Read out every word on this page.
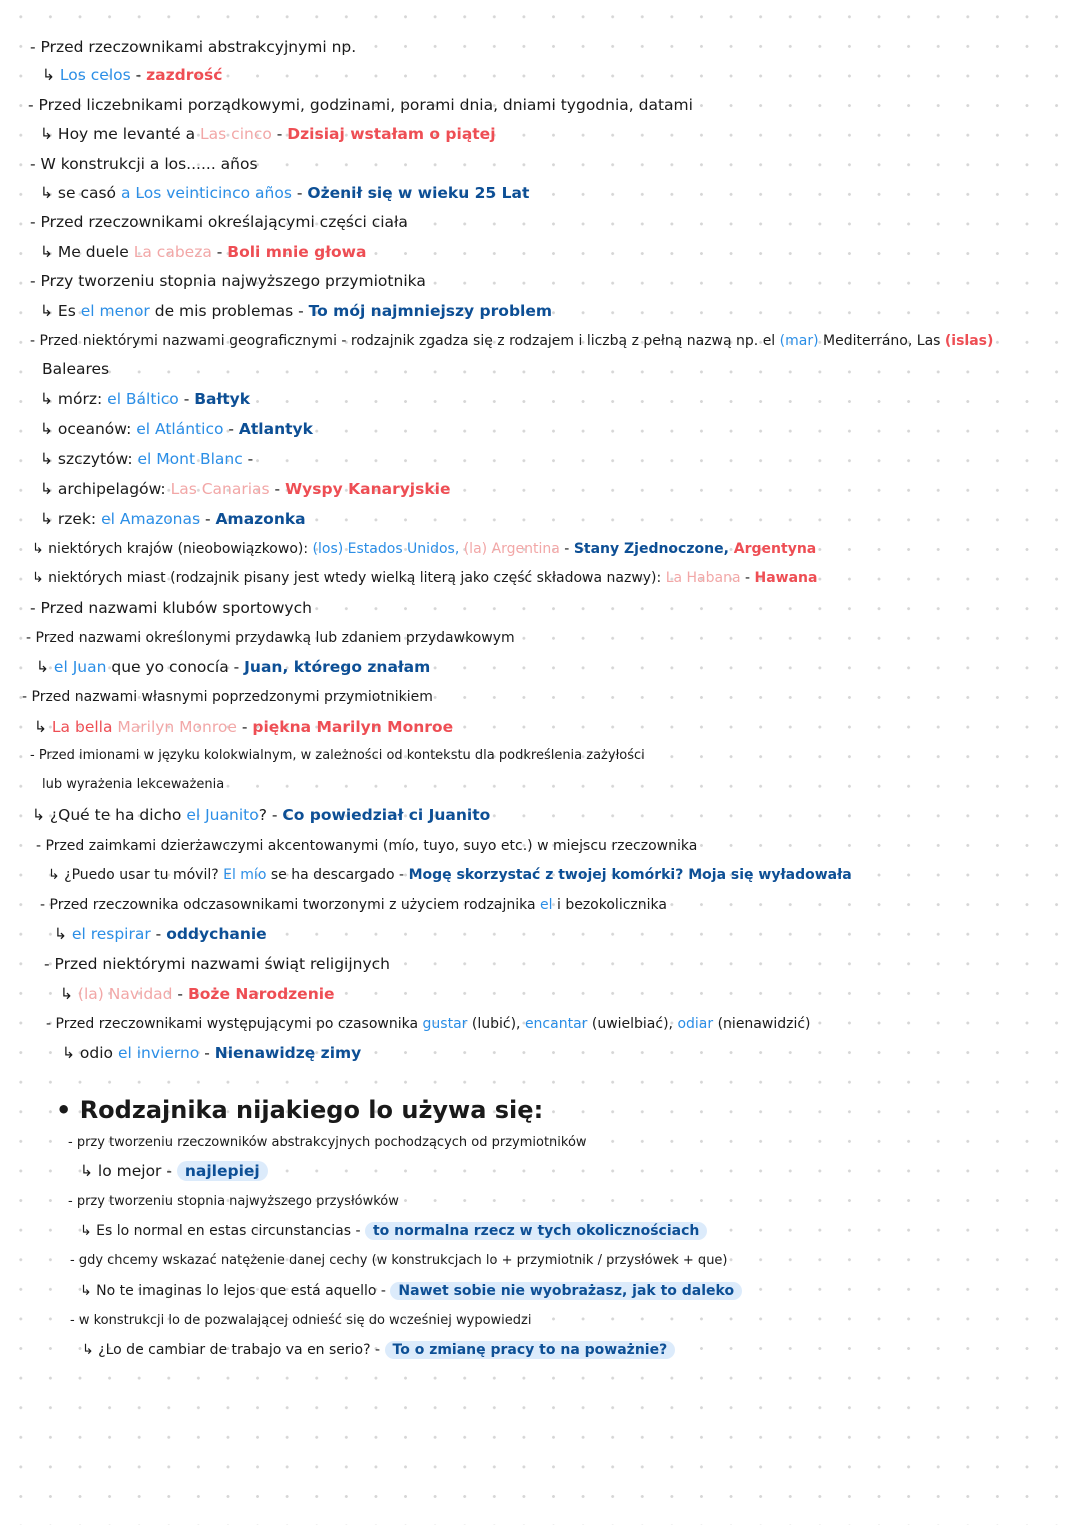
- Przed rzeczownikami abstrakcyjnymi np.
↳ Los celos - zazdrość
- Przed liczebnikami porządkowymi, godzinami, porami dnia, dniami tygodnia, datami
↳ Hoy me levanté a Las cinco - Dzisiaj wstałam o piątej
- W konstrukcji a los...... años
↳ se casó a Los veinticinco años - Ożenił się w wieku 25 Lat
- Przed rzeczownikami określającymi części ciała
↳ Me duele La cabeza - Boli mnie głowa
- Przy tworzeniu stopnia najwyższego przymiotnika
↳ Es el menor de mis problemas - To mój najmniejszy problem
- Przed niektórymi nazwami geograficznymi - rodzajnik zgadza się z rodzajem i liczbą z pełną nazwą np. el (mar) Mediterráno, Las (islas)
Baleares
↳ mórz: el Báltico - Bałtyk
↳ oceanów: el Atlántico - Atlantyk
↳ szczytów: el Mont Blanc -
↳ archipelagów: Las Canarias - Wyspy Kanaryjskie
↳ rzek: el Amazonas - Amazonka
↳ niektórych krajów (nieobowiązkowo): (los) Estados Unidos, (la) Argentina - Stany Zjednoczone, Argentyna
↳ niektórych miast (rodzajnik pisany jest wtedy wielką literą jako część składowa nazwy): La Habana - Hawana
- Przed nazwami klubów sportowych
- Przed nazwami określonymi przydawką lub zdaniem przydawkowym
↳ el Juan que yo conocía - Juan, którego znałam
- Przed nazwami własnymi poprzedzonymi przymiotnikiem
↳ La bella Marilyn Monroe - piękna Marilyn Monroe
- Przed imionami w języku kolokwialnym, w zależności od kontekstu dla podkreślenia zażyłości
lub wyrażenia lekceważenia
↳ ¿Qué te ha dicho el Juanito? - Co powiedział ci Juanito
- Przed zaimkami dzierżawczymi akcentowanymi (mío, tuyo, suyo etc.) w miejscu rzeczownika
↳ ¿Puedo usar tu móvil? El mío se ha descargado - Mogę skorzystać z twojej komórki? Moja się wyładowała
- Przed rzeczownika odczasownikami tworzonymi z użyciem rodzajnika el i bezokolicznika
↳ el respirar - oddychanie
- Przed niektórymi nazwami świąt religijnych
↳ (la) Navidad - Boże Narodzenie
- Przed rzeczownikami występującymi po czasownika gustar (lubić), encantar (uwielbiać), odiar (nienawidzić)
↳ odio el invierno - Nienawidzę zimy
• Rodzajnika nijakiego lo używa się:
- przy tworzeniu rzeczowników abstrakcyjnych pochodzących od przymiotników
↳ lo mejor - najlepiej
- przy tworzeniu stopnia najwyższego przysłówków
↳ Es lo normal en estas circunstancias - to normalna rzecz w tych okolicznościach
- gdy chcemy wskazać natężenie danej cechy (w konstrukcjach lo + przymiotnik / przysłówek + que)
↳ No te imaginas lo lejos que está aquello - Nawet sobie nie wyobrażasz, jak to daleko
- w konstrukcji lo de pozwalającej odnieść się do wcześniej wypowiedzi
↳ ¿Lo de cambiar de trabajo va en serio? - To o zmianę pracy to na poważnie?
